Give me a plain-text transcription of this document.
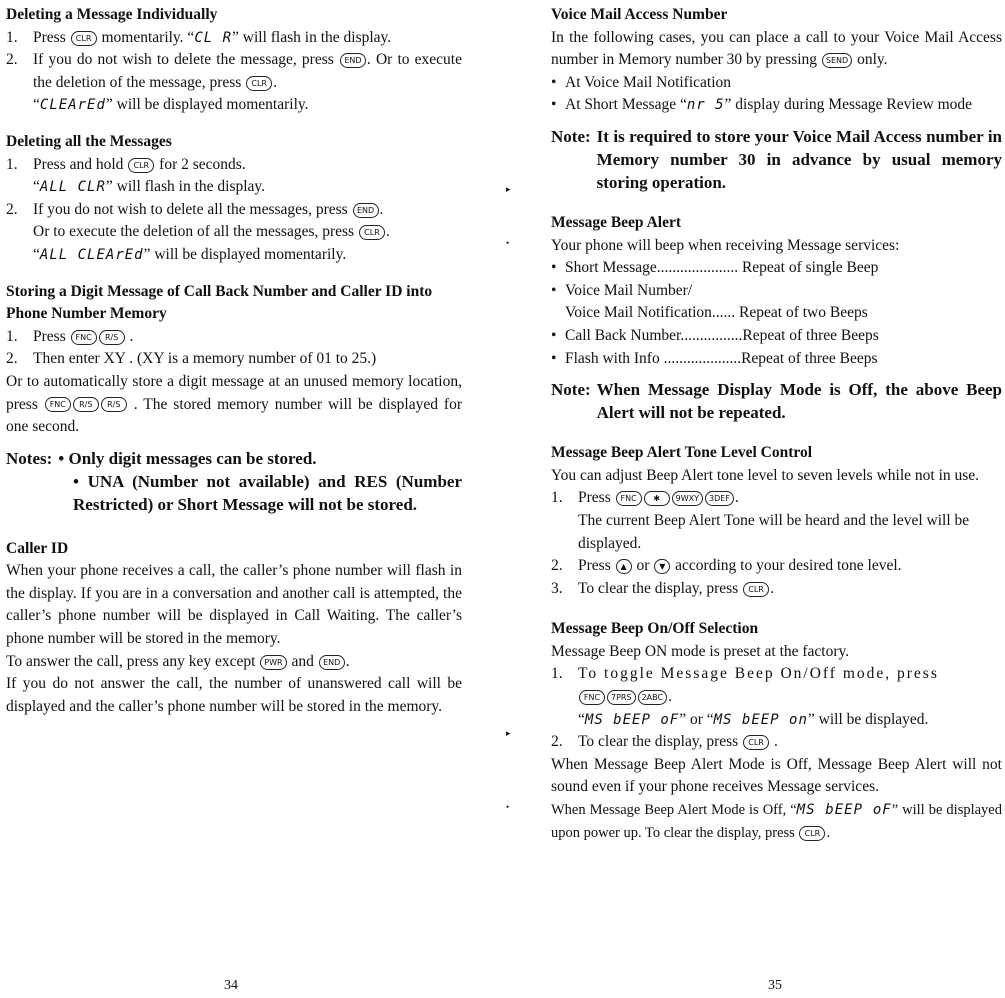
Deleting a Message Individually

1. Press CLR momentarily. “CL R” will flash in the display.
2. If you do not wish to delete the message, press END . Or to execute the deletion of the message, press CLR .
“CLEArEd” will be displayed momentarily.

Deleting all the Messages

1. Press and hold CLR for 2 seconds.
“ALL CLR” will flash in the display.
2. If you do not wish to delete all the messages, press END .
Or to execute the deletion of all the messages, press CLR .
“ALL CLEArEd” will be displayed momentarily.

Storing a Digit Message of Call Back Number and Caller ID into Phone Number Memory

1. Press FNC R/S .
2. Then enter XY . (XY is a memory number of 01 to 25.)

Or to automatically store a digit message at an unused memory location, press FNC R/S R/S . The stored memory number will be displayed for one second.

Notes: • Only digit messages can be stored.
• UNA (Number not available) and RES (Number Restricted) or Short Message will not be stored.

Caller ID

When your phone receives a call, the caller’s phone number will flash in the display. If you are in a conversation and another call is attempted, the caller’s phone number will be displayed in Call Waiting. The caller’s phone number will be stored in the memory.

To answer the call, press any key except PWR and END .

If you do not answer the call, the number of unanswered call will be displayed and the caller’s phone number will be stored in the memory.

34
▸
•
▸
•

Voice Mail Access Number

In the following cases, you can place a call to your Voice Mail Access number in Memory number 30 by pressing SEND only.

• At Voice Mail Notification
• At Short Message “nr 5” display during Message Review mode
Note: It is required to store your Voice Mail Access number in Memory number 30 in advance by usual memory storing operation.

Message Beep Alert

Your phone will beep when receiving Message services:

• Short Message..................... Repeat of single Beep
• Voice Mail Number/
Voice Mail Notification...... Repeat of two Beeps
• Call Back Number................Repeat of three Beeps
• Flash with Info ....................Repeat of three Beeps
Note: When Message Display Mode is Off, the above Beep Alert will not be repeated.

Message Beep Alert Tone Level Control

You can adjust Beep Alert tone level to seven levels while not in use.

1. Press FNC ✱ 9WXY 3DEF .
The current Beep Alert Tone will be heard and the level will be displayed.
2. Press ▲ or ▼ according to your desired tone level.
3. To clear the display, press CLR .

Message Beep On/Off Selection

Message Beep ON mode is preset at the factory.

1. To toggle Message Beep On/Off mode, press
FNC 7PRS 2ABC .
“MS bEEP oF” or “MS bEEP on” will be displayed.
2. To clear the display, press CLR .

When Message Beep Alert Mode is Off, Message Beep Alert will not sound even if your phone receives Message services.

When Message Beep Alert Mode is Off, “MS bEEP oF” will be displayed upon power up. To clear the display, press CLR .

35
